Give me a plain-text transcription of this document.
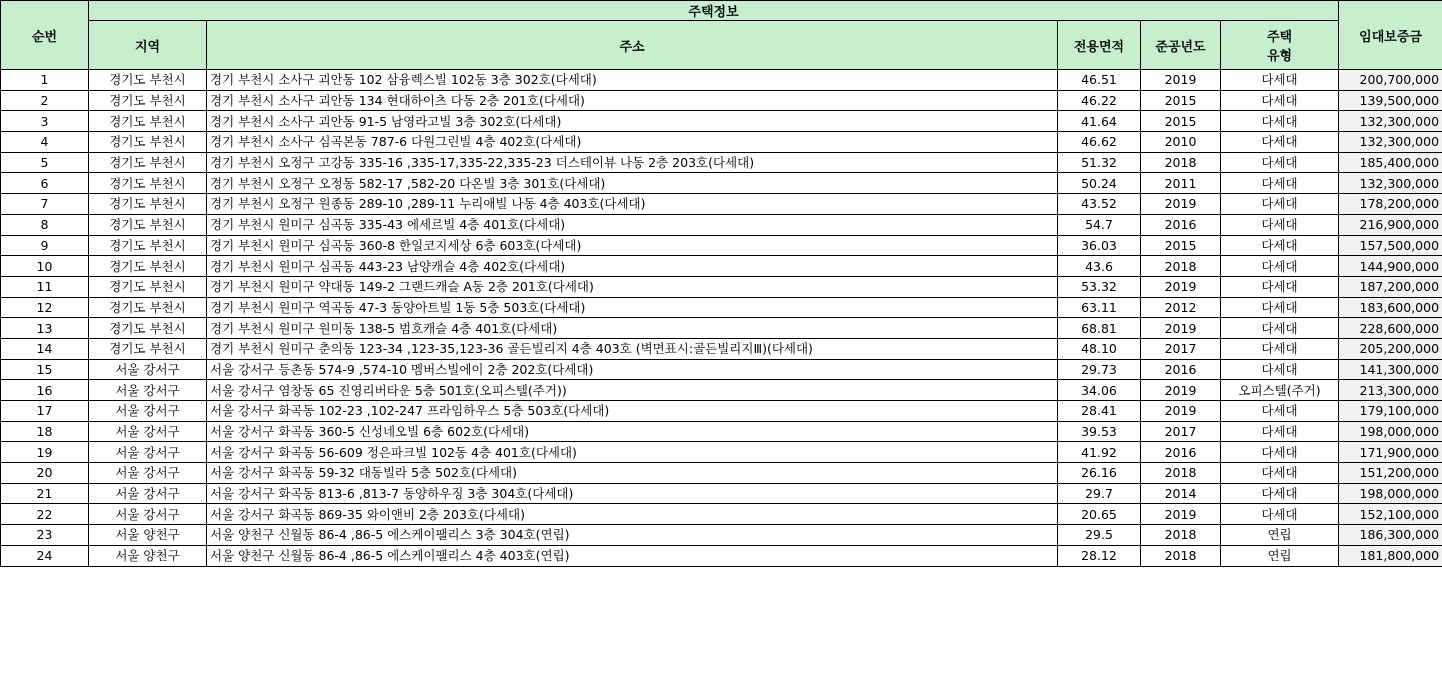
순번	주택정보					임대보증금
	지역	주소	전용면적	준공년도	주택
유형	
1	경기도 부천시	경기 부천시 소사구 괴안동 102 삼융렉스빌 102동 3층 302호(다세대)	46.51	2019	다세대	200,700,000
2	경기도 부천시	경기 부천시 소사구 괴안동 134 현대하이츠 다동 2층 201호(다세대)	46.22	2015	다세대	139,500,000
3	경기도 부천시	경기 부천시 소사구 괴안동 91-5 남영라고빌 3층 302호(다세대)	41.64	2015	다세대	132,300,000
4	경기도 부천시	경기 부천시 소사구 심곡본동 787-6 다원그린빌 4층 402호(다세대)	46.62	2010	다세대	132,300,000
5	경기도 부천시	경기 부천시 오정구 고강동 335-16 ,335-17,335-22,335-23 더스테이뷰 나동 2층 203호(다세대)	51.32	2018	다세대	185,400,000
6	경기도 부천시	경기 부천시 오정구 오정동 582-17 ,582-20 다온빌 3층 301호(다세대)	50.24	2011	다세대	132,300,000
7	경기도 부천시	경기 부천시 오정구 원종동 289-10 ,289-11 누리애빌 나동 4층 403호(다세대)	43.52	2019	다세대	178,200,000
8	경기도 부천시	경기 부천시 원미구 심곡동 335-43 에세르빌 4층 401호(다세대)	54.7	2016	다세대	216,900,000
9	경기도 부천시	경기 부천시 원미구 심곡동 360-8 한일코지세상 6층 603호(다세대)	36.03	2015	다세대	157,500,000
10	경기도 부천시	경기 부천시 원미구 심곡동 443-23 남양캐슬 4층 402호(다세대)	43.6	2018	다세대	144,900,000
11	경기도 부천시	경기 부천시 원미구 약대동 149-2 그랜드캐슬 A동 2층 201호(다세대)	53.32	2019	다세대	187,200,000
12	경기도 부천시	경기 부천시 원미구 역곡동 47-3 동양아트빌 1동 5층 503호(다세대)	63.11	2012	다세대	183,600,000
13	경기도 부천시	경기 부천시 원미구 원미동 138-5 범호캐슬 4층 401호(다세대)	68.81	2019	다세대	228,600,000
14	경기도 부천시	경기 부천시 원미구 춘의동 123-34 ,123-35,123-36 골든빌리지 4층 403호 (벽면표시:골든빌리지Ⅲ)(다세대)	48.10	2017	다세대	205,200,000
15	서울 강서구	서울 강서구 등촌동 574-9 ,574-10 멤버스빌에이 2층 202호(다세대)	29.73	2016	다세대	141,300,000
16	서울 강서구	서울 강서구 염창동 65 진영리버타운 5층 501호(오피스텔(주거))	34.06	2019	오피스텔(주거)	213,300,000
17	서울 강서구	서울 강서구 화곡동 102-23 ,102-247 프라임하우스 5층 503호(다세대)	28.41	2019	다세대	179,100,000
18	서울 강서구	서울 강서구 화곡동 360-5 신성네오빌 6층 602호(다세대)	39.53	2017	다세대	198,000,000
19	서울 강서구	서울 강서구 화곡동 56-609 정은파크빌 102동 4층 401호(다세대)	41.92	2016	다세대	171,900,000
20	서울 강서구	서울 강서구 화곡동 59-32 대동빌라 5층 502호(다세대)	26.16	2018	다세대	151,200,000
21	서울 강서구	서울 강서구 화곡동 813-6 ,813-7 동양하우징 3층 304호(다세대)	29.7	2014	다세대	198,000,000
22	서울 강서구	서울 강서구 화곡동 869-35 와이앤비 2층 203호(다세대)	20.65	2019	다세대	152,100,000
23	서울 양천구	서울 양천구 신월동 86-4 ,86-5 에스케이팰리스 3층 304호(연립)	29.5	2018	연립	186,300,000
24	서울 양천구	서울 양천구 신월동 86-4 ,86-5 에스케이팰리스 4층 403호(연립)	28.12	2018	연립	181,800,000
